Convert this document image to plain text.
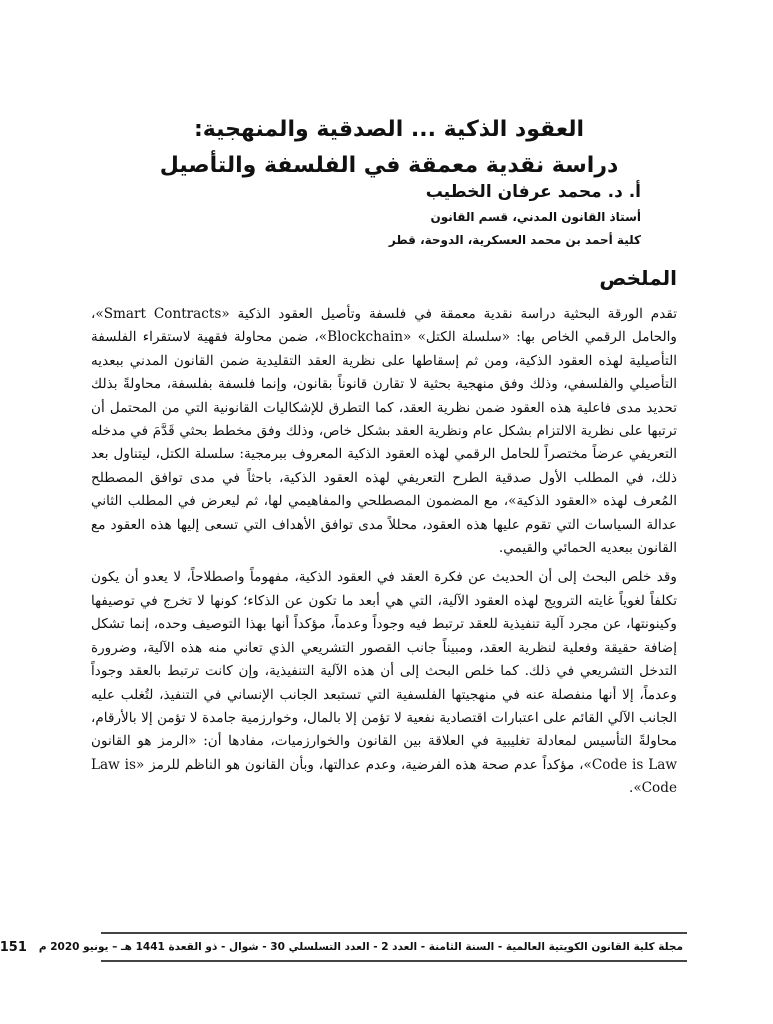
العقود الذكية ... الصدقية والمنهجية:

دراسة نقدية معمقة في الفلسفة والتأصيل

أ. د. محمد عرفان الخطيب
أستاذ القانون المدني، قسم القانون
كلية أحمد بن محمد العسكرية، الدوحة، قطر
الملخص

تقدم الورقة البحثية دراسة نقدية معمقة في فلسفة وتأصيل العقود الذكية «Smart Contracts»، والحامل الرقمي الخاص بها: «سلسلة الكتل» «Blockchain»، ضمن محاولة فقهية لاستقراء الفلسفة التأصيلية لهذه العقود الذكية، ومن ثم إسقاطها على نظرية العقد التقليدية ضمن القانون المدني ببعديه التأصيلي والفلسفي، وذلك وفق منهجية بحثية لا تقارن قانوناً بقانون، وإنما فلسفة بفلسفة، محاولةً بذلك تحديد مدى فاعلية هذه العقود ضمن نظرية العقد، كما التطرق للإشكاليات القانونية التي من المحتمل أن ترتبها على نظرية الالتزام بشكل عام ونظرية العقد بشكل خاص، وذلك وفق مخطط بحثي قَدَّمَ في مدخله التعريفي عرضاً مختصراً للحامل الرقمي لهذه العقود الذكية المعروف ببرمجية: سلسلة الكتل، ليتناول بعد ذلك، في المطلب الأول صدقية الطرح التعريفي لهذه العقود الذكية، باحثاً في مدى توافق المصطلح المُعرف لهذه «العقود الذكية»، مع المضمون المصطلحي والمفاهيمي لها، ثم ليعرض في المطلب الثاني عدالة السياسات التي تقوم عليها هذه العقود، محللاً مدى توافق الأهداف التي تسعى إليها هذه العقود مع القانون ببعديه الحمائي والقيمي.

وقد خلص البحث إلى أن الحديث عن فكرة العقد في العقود الذكية، مفهوماً واصطلاحاً، لا يعدو أن يكون تكلفاً لغوياً غايته الترويج لهذه العقود الآلية، التي هي أبعد ما تكون عن الذكاء؛ كونها لا تخرج في توصيفها وكينونتها، عن مجرد آلية تنفيذية للعقد ترتبط فيه وجوداً وعدماً، مؤكداً أنها بهذا التوصيف وحده، إنما تشكل إضافة حقيقة وفعلية لنظرية العقد، ومبيناً جانب القصور التشريعي الذي تعاني منه هذه الآلية، وضرورة التدخل التشريعي في ذلك. كما خلص البحث إلى أن هذه الآلية التنفيذية، وإن كانت ترتبط بالعقد وجوداً وعدماً، إلا أنها منفصلة عنه في منهجيتها الفلسفية التي تستبعد الجانب الإنساني في التنفيذ، لتُغلب عليه الجانب الآلي القائم على اعتبارات اقتصادية نفعية لا تؤمن إلا بالمال، وخوارزمية جامدة لا تؤمن إلا بالأرقام، محاولةً التأسيس لمعادلة تغليبية في العلاقة بين القانون والخوارزميات، مفادها أن: «الرمز هو القانون Code is Law»، مؤكداً عدم صحة هذه الفرضية، وعدم عدالتها، وبأن القانون هو الناظم للرمز «Law is Code».

مجلة كلية القانون الكويتية العالمية - السنة الثامنة - العدد 2 - العدد التسلسلي 30 - شوال - ذو القعدة 1441 هـ – يونيو 2020 م
151
